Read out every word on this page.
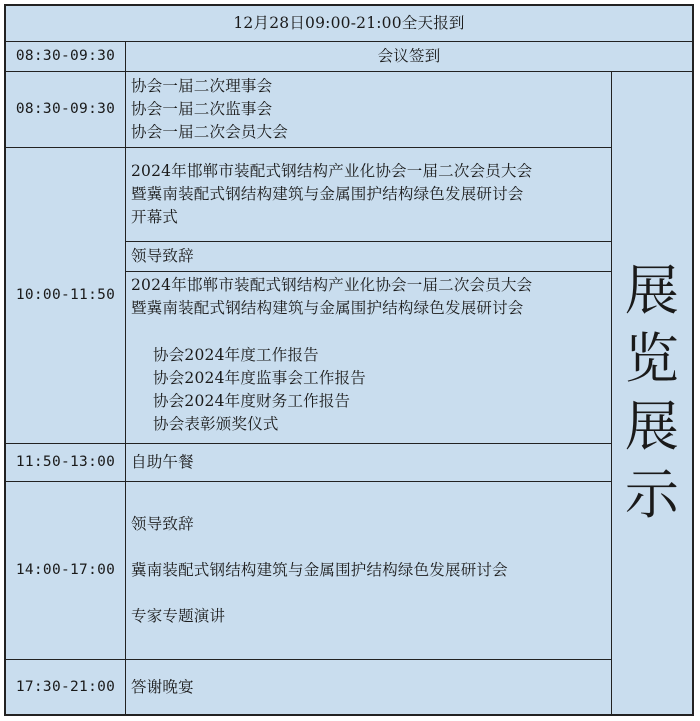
12月28日09:00-21:00全天报到
08:30-09:30	会议签到
08:30-09:30
协会一届二次理事会
协会一届二次监事会
协会一届二次会员大会
10:00-11:50
2024年邯郸市装配式钢结构产业化协会一届二次会员大会
暨冀南装配式钢结构建筑与金属围护结构绿色发展研讨会
开幕式
领导致辞
2024年邯郸市装配式钢结构产业化协会一届二次会员大会
暨冀南装配式钢结构建筑与金属围护结构绿色发展研讨会
协会2024年度工作报告
协会2024年度监事会工作报告
协会2024年度财务工作报告
协会表彰颁奖仪式
11:50-13:00 自助午餐
14:00-17:00
领导致辞
冀南装配式钢结构建筑与金属围护结构绿色发展研讨会
专家专题演讲
17:30-21:00 答谢晚宴
展
览
展
示
